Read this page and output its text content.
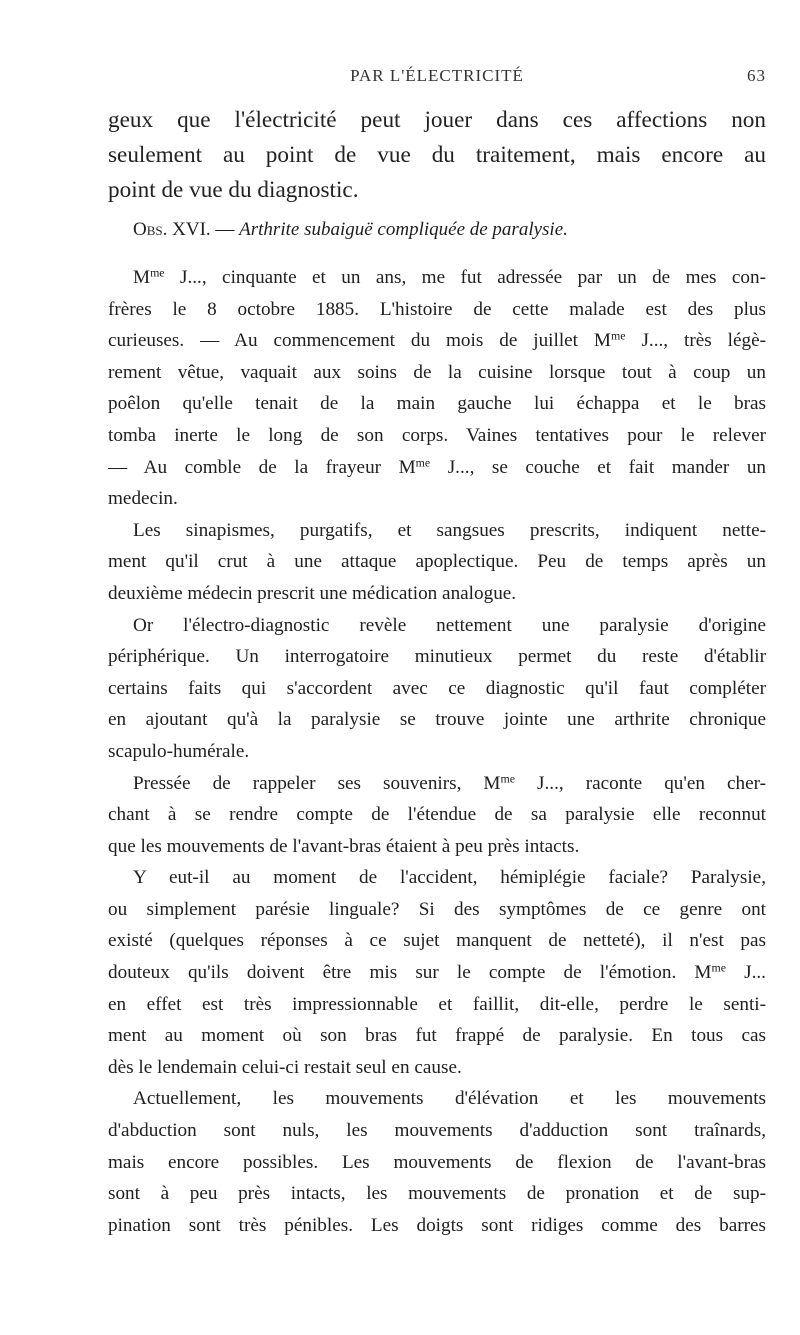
PAR L'ÉLECTRICITÉ	63
geux que l'électricité peut jouer dans ces affections non
seulement au point de vue du traitement, mais encore au
point de vue du diagnostic.
Obs. XVI. — Arthrite subaiguë compliquée de paralysie.
$M^{me}$ J..., cinquante et un ans, me fut adressée par un de mes con-
frères le 8 octobre 1885. L'histoire de cette malade est des plus
curieuses. — Au commencement du mois de juillet $M^{me}$ J..., très légè-
rement vêtue, vaquait aux soins de la cuisine lorsque tout à coup un
poêlon qu'elle tenait de la main gauche lui échappa et le bras
tomba inerte le long de son corps. Vaines tentatives pour le relever
— Au comble de la frayeur $M^{me}$ J..., se couche et fait mander un
medecin.
Les sinapismes, purgatifs, et sangsues prescrits, indiquent nette-
ment qu'il crut à une attaque apoplectique. Peu de temps après un
deuxième médecin prescrit une médication analogue.
Or l'électro-diagnostic revèle nettement une paralysie d'origine
périphérique. Un interrogatoire minutieux permet du reste d'établir
certains faits qui s'accordent avec ce diagnostic qu'il faut compléter
en ajoutant qu'à la paralysie se trouve jointe une arthrite chronique
scapulo-humérale.
Pressée de rappeler ses souvenirs, $M^{me}$ J..., raconte qu'en cher-
chant à se rendre compte de l'étendue de sa paralysie elle reconnut
que les mouvements de l'avant-bras étaient à peu près intacts.
Y eut-il au moment de l'accident, hémiplégie faciale? Paralysie,
ou simplement parésie linguale? Si des symptômes de ce genre ont
existé (quelques réponses à ce sujet manquent de netteté), il n'est pas
douteux qu'ils doivent être mis sur le compte de l'émotion. $M^{me}$ J...
en effet est très impressionnable et faillit, dit-elle, perdre le senti-
ment au moment où son bras fut frappé de paralysie. En tous cas
dès le lendemain celui-ci restait seul en cause.
Actuellement, les mouvements d'élévation et les mouvements
d'abduction sont nuls, les mouvements d'adduction sont traînards,
mais encore possibles. Les mouvements de flexion de l'avant-bras
sont à peu près intacts, les mouvements de pronation et de sup-
pination sont très pénibles. Les doigts sont ridiges comme des barres
